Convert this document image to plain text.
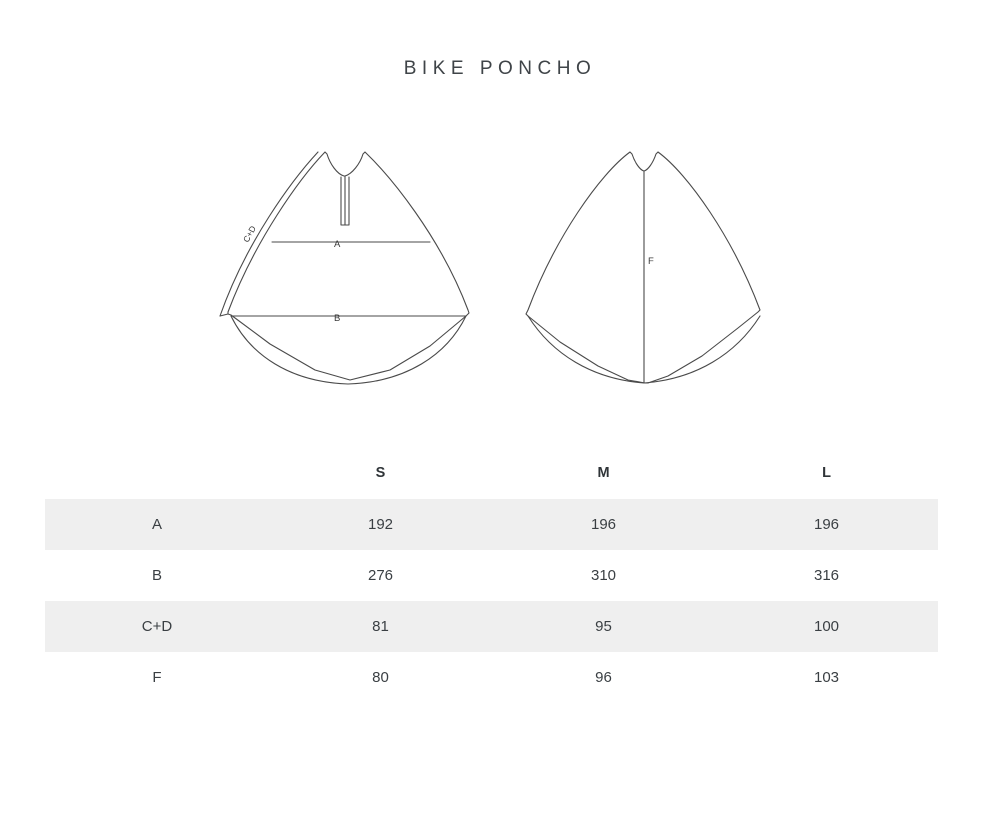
BIKE PONCHO
A
B
C+D
F
	S	M	L
A	192	196	196
B	276	310	316
C+D	81	95	100
F	80	96	103
